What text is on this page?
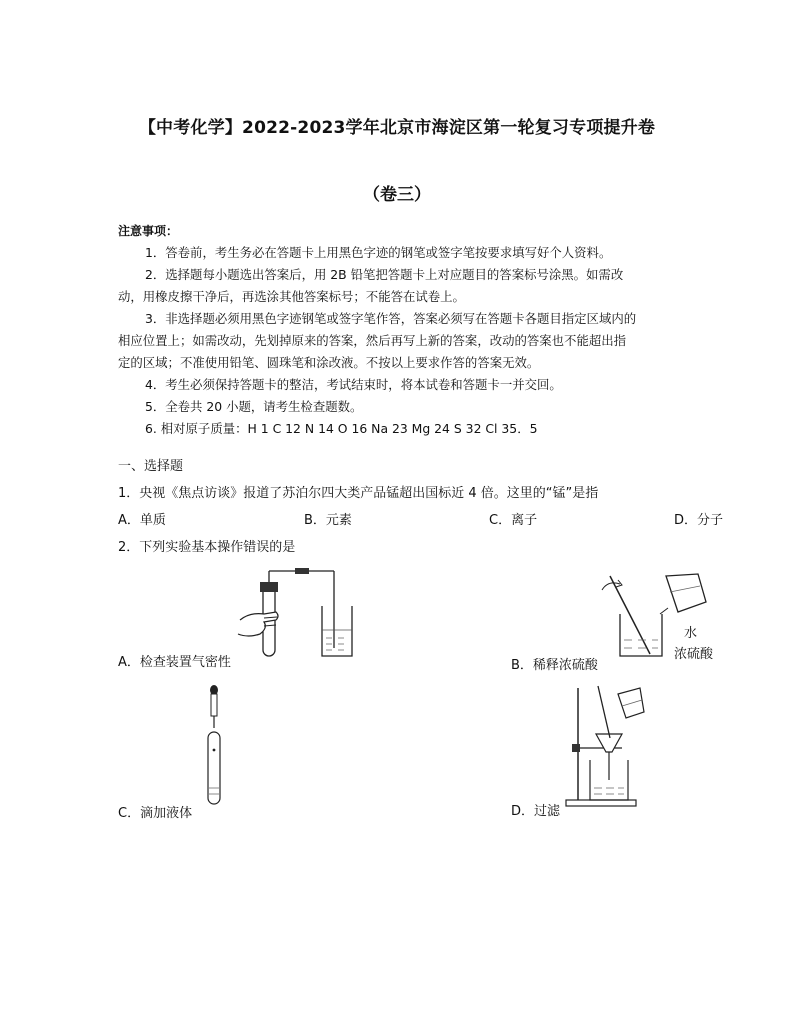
【中考化学】2022-2023学年北京市海淀区第一轮复习专项提升卷
（卷三）
注意事项：
1．答卷前，考生务必在答题卡上用黑色字迹的钢笔或签字笔按要求填写好个人资料。
2．选择题每小题选出答案后，用 2B 铅笔把答题卡上对应题目的答案标号涂黑。如需改
动，用橡皮擦干净后，再选涂其他答案标号；不能答在试卷上。
3．非选择题必须用黑色字迹钢笔或签字笔作答，答案必须写在答题卡各题目指定区域内的
相应位置上；如需改动，先划掉原来的答案，然后再写上新的答案，改动的答案也不能超出指
定的区域；不准使用铅笔、圆珠笔和涂改液。不按以上要求作答的答案无效。
4．考生必须保持答题卡的整洁，考试结束时，将本试卷和答题卡一并交回。
5．全卷共 20 小题，请考生检查题数。
6. 相对原子质量：H 1 C 12 N 14 O 16 Na 23 Mg 24 S 32 Cl 35．5
一、选择题
1．央视《焦点访谈》报道了苏泊尔四大类产品锰超出国标近 4 倍。这里的“锰”是指
A．单质	B．元素	C．离子	D．分子
2．下列实验基本操作错误的是
A．检查装置气密性
水
浓硫酸
B．稀释浓硫酸
C．滴加液体	D．过滤
